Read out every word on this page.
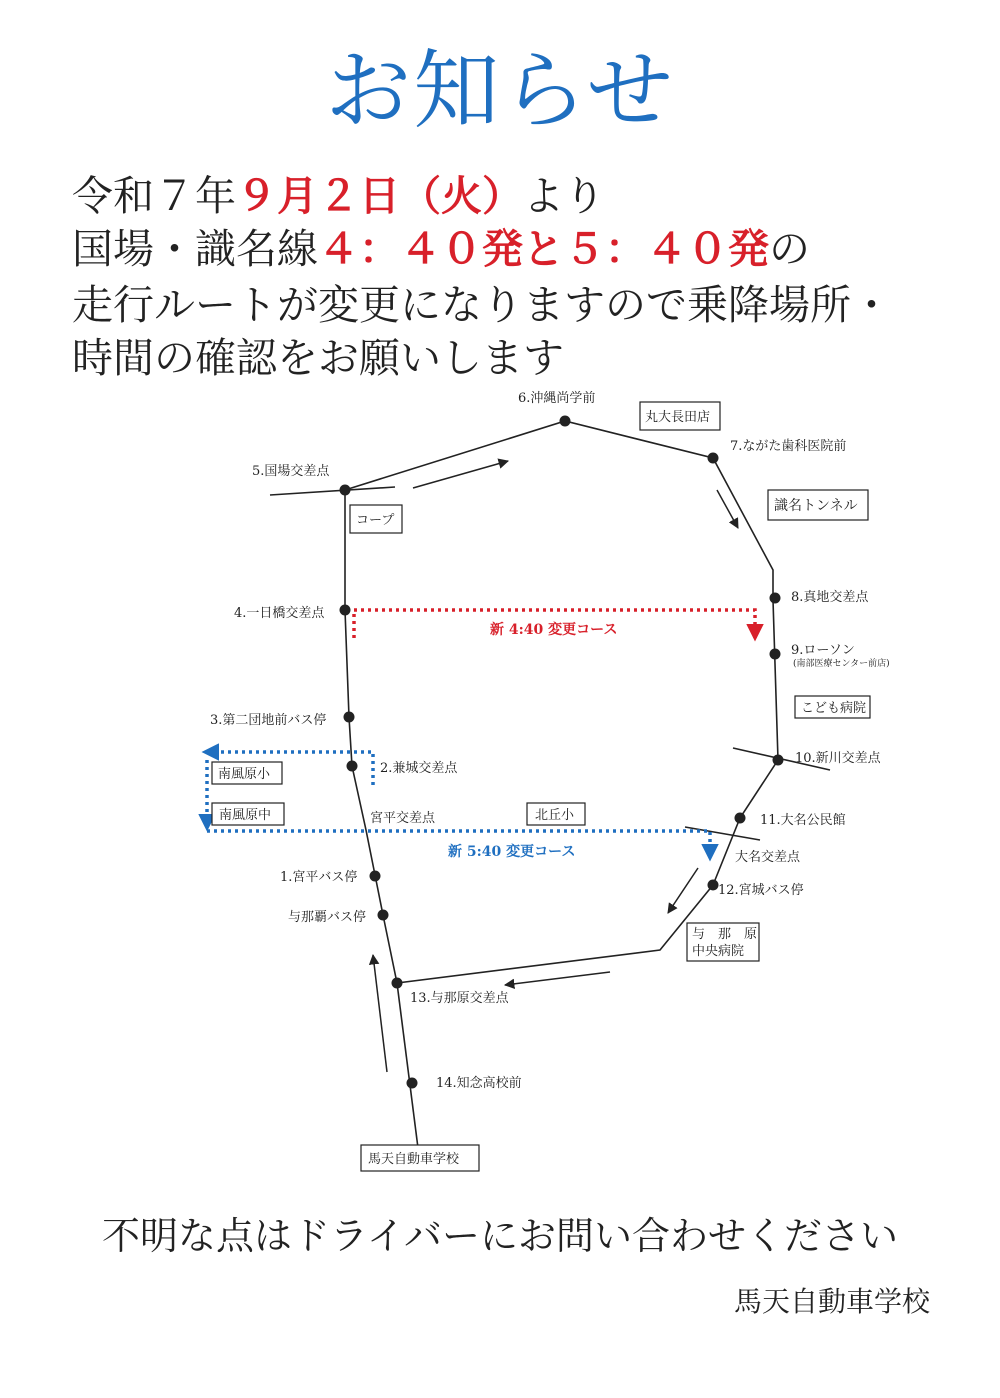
お知らせ
令和７年９月２日（火）より
国場・識名線４：４０発と５：４０発の
走行ルートが変更になりますので乗降場所・
時間の確認をお願いします
新 4:40 変更コース
新 5:40 変更コース
1.宮平バス停
与那覇バス停
2.兼城交差点
3.第二団地前バス停
4.一日橋交差点
5.国場交差点
6.沖縄尚学前
7.ながた歯科医院前
8.真地交差点
9.ローソン
(南部医療センター前店)
10.新川交差点
11.大名公民館
12.宮城バス停
13.与那原交差点
14.知念高校前
宮平交差点
大名交差点
丸大長田店
コープ
識名トンネル
こども病院
南風原小
南風原中	北丘小
与　那　原
中央病院
馬天自動車学校
不明な点はドライバーにお問い合わせください
馬天自動車学校
